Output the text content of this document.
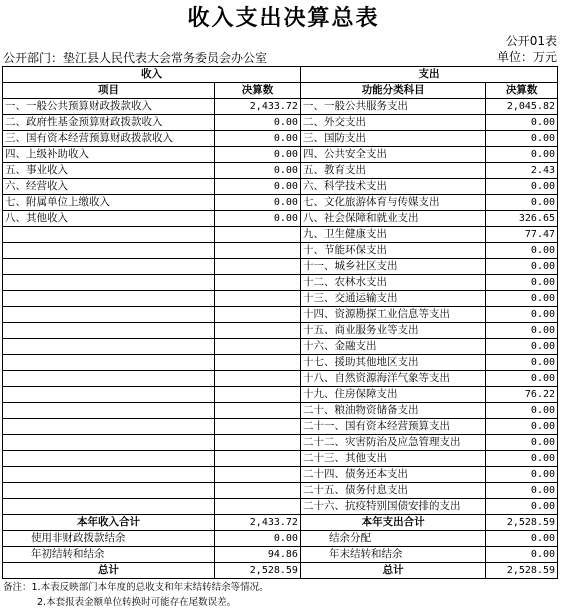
收入支出决算总表
公开01表
公开部门：垫江县人民代表大会常务委员会办公室	单位：万元
收入		支出	
项目	决算数	功能分类科目	决算数
一、一般公共预算财政拨款收入	2,433.72	一、一般公共服务支出	2,045.82
二、政府性基金预算财政拨款收入	0.00	二、外交支出	0.00
三、国有资本经营预算财政拨款收入	0.00	三、国防支出	0.00
四、上级补助收入	0.00	四、公共安全支出	0.00
五、事业收入	0.00	五、教育支出	2.43
六、经营收入	0.00	六、科学技术支出	0.00
七、附属单位上缴收入	0.00	七、文化旅游体育与传媒支出	0.00
八、其他收入	0.00	八、社会保障和就业支出	326.65
		九、卫生健康支出	77.47
		十、节能环保支出	0.00
		十一、城乡社区支出	0.00
		十二、农林水支出	0.00
		十三、交通运输支出	0.00
		十四、资源勘探工业信息等支出	0.00
		十五、商业服务业等支出	0.00
		十六、金融支出	0.00
		十七、援助其他地区支出	0.00
		十八、自然资源海洋气象等支出	0.00
		十九、住房保障支出	76.22
		二十、粮油物资储备支出	0.00
		二十一、国有资本经营预算支出	0.00
		二十二、灾害防治及应急管理支出	0.00
		二十三、其他支出	0.00
		二十四、债务还本支出	0.00
		二十五、债务付息支出	0.00
		二十六、抗疫特别国债安排的支出	0.00
本年收入合计	2,433.72	本年支出合计	2,528.59
使用非财政拨款结余	0.00	结余分配	0.00
年初结转和结余	94.86	年末结转和结余	0.00
总计	2,528.59	总计	2,528.59
备注：1.本表反映部门本年度的总收支和年末结转结余等情况。
2.本套报表金额单位转换时可能存在尾数误差。
